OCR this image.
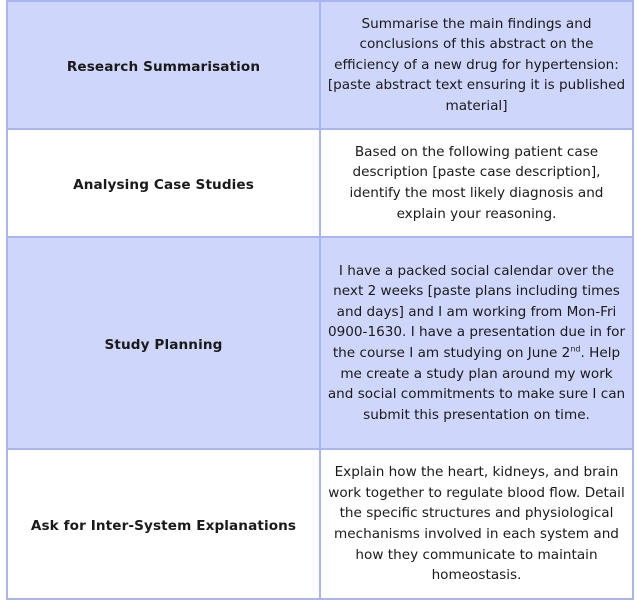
Research Summarisation	Summarise the main findings and conclusions of this abstract on the efficiency of a new drug for hypertension: [paste abstract text ensuring it is published material]

Analysing Case Studies	Based on the following patient case description [paste case description], identify the most likely diagnosis and explain your reasoning.

Study Planning	I have a packed social calendar over the next 2 weeks [paste plans including times and days] and I am working from Mon-Fri 0900-1630. I have a presentation due in for the course I am studying on June 2nd. Help me create a study plan around my work and social commitments to make sure I can submit this presentation on time.

Ask for Inter-System Explanations	Explain how the heart, kidneys, and brain work together to regulate blood flow. Detail the specific structures and physiological mechanisms involved in each system and how they communicate to maintain homeostasis.
